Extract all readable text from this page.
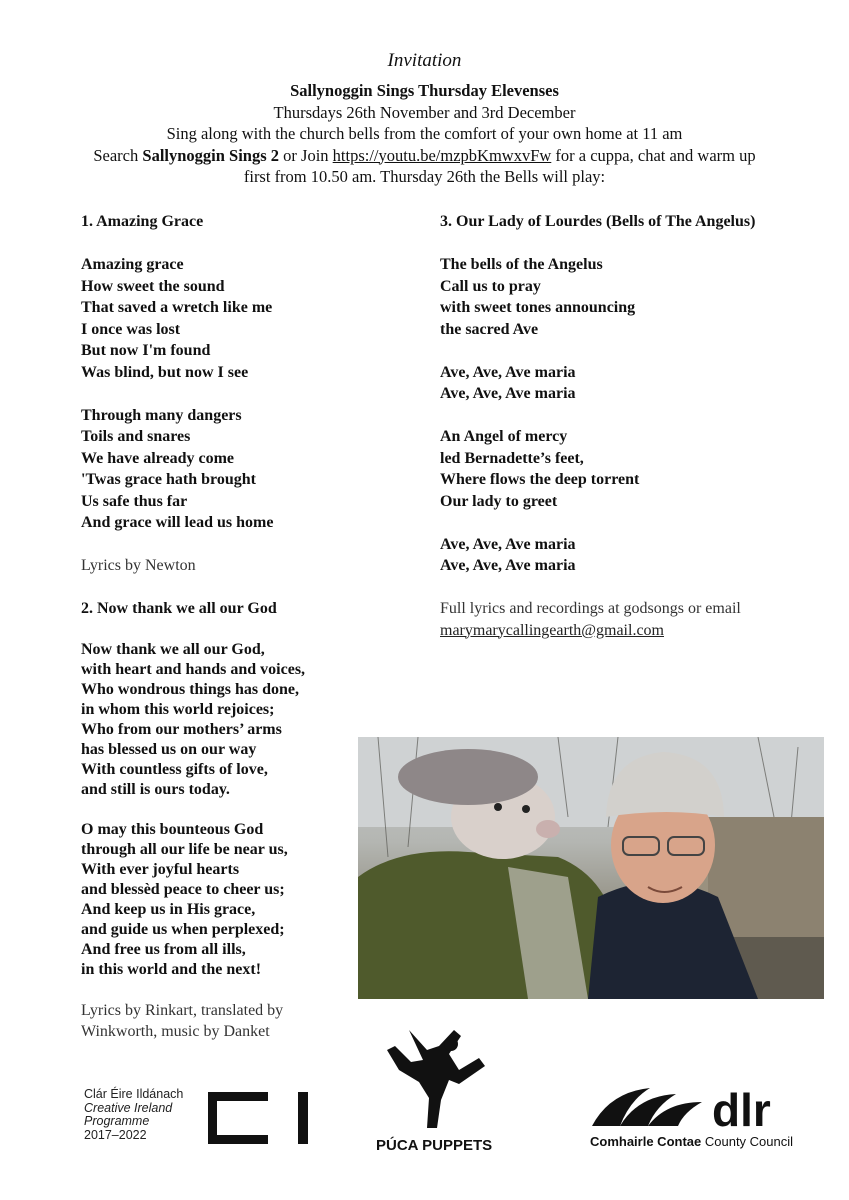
Invitation
Sallynoggin Sings Thursday Elevenses
Thursdays 26th November and 3rd December
Sing along with the church bells from the comfort of your own home at 11 am
Search Sallynoggin Sings 2 or Join https://youtu.be/mzpbKmwxvFw for a cuppa, chat and warm up
first from 10.50 am. Thursday 26th the Bells will play:
1. Amazing Grace
Amazing grace
How sweet the sound
That saved a wretch like me
I once was lost
But now I'm found
Was blind, but now I see
Through many dangers
Toils and snares
We have already come
'Twas grace hath brought
Us safe thus far
And grace will lead us home
Lyrics by Newton
2. Now thank we all our God
Now thank we all our God,
with heart and hands and voices,
Who wondrous things has done,
in whom this world rejoices;
Who from our mothers’ arms
has blessed us on our way
With countless gifts of love,
and still is ours today.
O may this bounteous God
through all our life be near us,
With ever joyful hearts
and blessèd peace to cheer us;
And keep us in His grace,
and guide us when perplexed;
And free us from all ills,
in this world and the next!
Lyrics by Rinkart, translated by
Winkworth, music by Danket
3. Our Lady of Lourdes (Bells of The Angelus)
The bells of the Angelus
Call us to pray
with sweet tones announcing
the sacred Ave
Ave, Ave, Ave maria
Ave, Ave, Ave maria
An Angel of mercy
led Bernadette’s feet,
Where flows the deep torrent
Our lady to greet
Ave, Ave, Ave maria
Ave, Ave, Ave maria
Full lyrics and recordings at godsongs or email
marymarycallingearth@gmail.com
Clár Éire Ildánach
Creative Ireland
Programme
2017–2022
PÚCA PUPPETS
dlr
Comhairle Contae County Council
